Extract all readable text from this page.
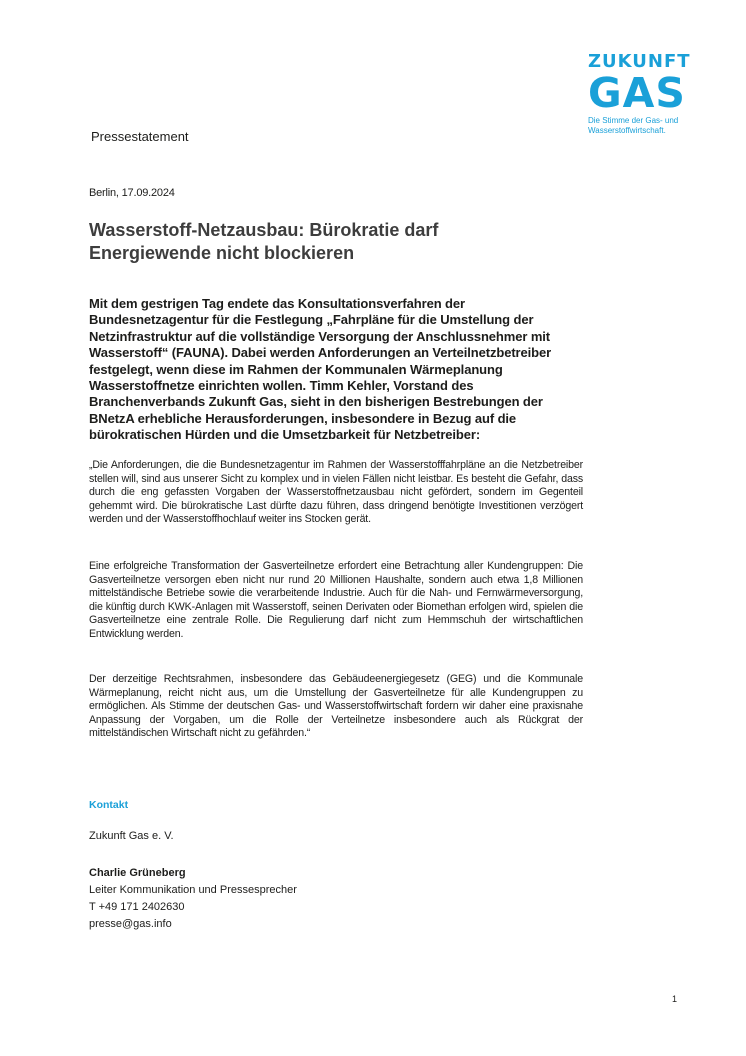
ZUKUNFT
GAS
Die Stimme der Gas- und
Wasserstoffwirtschaft.
Pressestatement
Berlin, 17.09.2024
Wasserstoff-Netzausbau: Bürokratie darf Energiewende nicht blockieren

Mit dem gestrigen Tag endete das Konsultationsverfahren der Bundesnetzagentur für die Festlegung „Fahrpläne für die Umstellung der Netzinfrastruktur auf die vollständige Versorgung der Anschlussnehmer mit Wasserstoff“ (FAUNA). Dabei werden Anforderungen an Verteilnetzbetreiber festgelegt, wenn diese im Rahmen der Kommunalen Wärmeplanung Wasserstoffnetze einrichten wollen. Timm Kehler, Vorstand des Branchenverbands Zukunft Gas, sieht in den bisherigen Bestrebungen der BNetzA erhebliche Herausforderungen, insbesondere in Bezug auf die bürokratischen Hürden und die Umsetzbarkeit für Netzbetreiber:

„Die Anforderungen, die die Bundesnetzagentur im Rahmen der Wasserstofffahrpläne an die Netzbetreiber stellen will, sind aus unserer Sicht zu komplex und in vielen Fällen nicht leistbar. Es besteht die Gefahr, dass durch die eng gefassten Vorgaben der Wasserstoffnetzausbau nicht gefördert, sondern im Gegenteil gehemmt wird. Die bürokratische Last dürfte dazu führen, dass dringend benötigte Investitionen verzögert werden und der Wasserstoffhochlauf weiter ins Stocken gerät.

Eine erfolgreiche Transformation der Gasverteilnetze erfordert eine Betrachtung aller Kundengruppen: Die Gasverteilnetze versorgen eben nicht nur rund 20 Millionen Haushalte, sondern auch etwa 1,8 Millionen mittelständische Betriebe sowie die verarbeitende Industrie. Auch für die Nah- und Fernwärmeversorgung, die künftig durch KWK-Anlagen mit Wasserstoff, seinen Derivaten oder Biomethan erfolgen wird, spielen die Gasverteilnetze eine zentrale Rolle. Die Regulierung darf nicht zum Hemmschuh der wirtschaftlichen Entwicklung werden.

Der derzeitige Rechtsrahmen, insbesondere das Gebäudeenergiegesetz (GEG) und die Kommunale Wärmeplanung, reicht nicht aus, um die Umstellung der Gasverteilnetze für alle Kundengruppen zu ermöglichen. Als Stimme der deutschen Gas- und Wasserstoffwirtschaft fordern wir daher eine praxisnahe Anpassung der Vorgaben, um die Rolle der Verteilnetze insbesondere auch als Rückgrat der mittelständischen Wirtschaft nicht zu gefährden.“

Kontakt
Zukunft Gas e. V.
Charlie Grüneberg
Leiter Kommunikation und Pressesprecher
T +49 171 2402630
presse@gas.info
1
